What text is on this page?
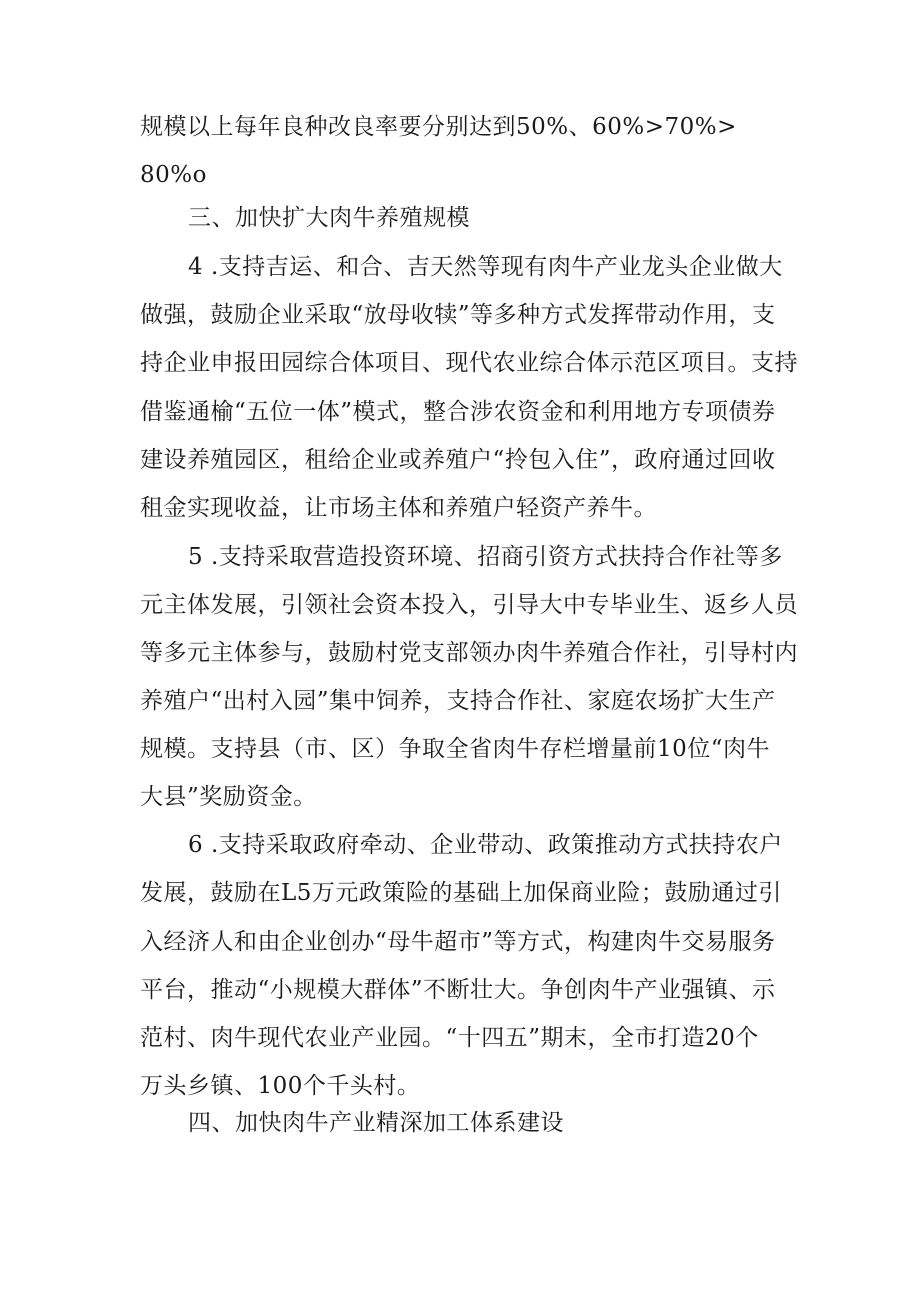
规模以上每年良种改良率要分别达到50%、60%>70%>
80%o
三、加快扩大肉牛养殖规模
4 .支持吉运、和合、吉天然等现有肉牛产业龙头企业做大
做强，鼓励企业采取“放母收犊”等多种方式发挥带动作用，支
持企业申报田园综合体项目、现代农业综合体示范区项目。支持
借鉴通榆“五位一体”模式，整合涉农资金和利用地方专项债券
建设养殖园区，租给企业或养殖户“拎包入住”，政府通过回收
租金实现收益，让市场主体和养殖户轻资产养牛。
5 .支持采取营造投资环境、招商引资方式扶持合作社等多
元主体发展，引领社会资本投入，引导大中专毕业生、返乡人员
等多元主体参与，鼓励村党支部领办肉牛养殖合作社，引导村内
养殖户“出村入园”集中饲养，支持合作社、家庭农场扩大生产
规模。支持县（市、区）争取全省肉牛存栏增量前10位“肉牛
大县”奖励资金。
6 .支持采取政府牵动、企业带动、政策推动方式扶持农户
发展，鼓励在L5万元政策险的基础上加保商业险；鼓励通过引
入经济人和由企业创办“母牛超市”等方式，构建肉牛交易服务
平台，推动“小规模大群体”不断壮大。争创肉牛产业强镇、示
范村、肉牛现代农业产业园。“十四五”期末，全市打造20个
万头乡镇、100个千头村。
四、加快肉牛产业精深加工体系建设
